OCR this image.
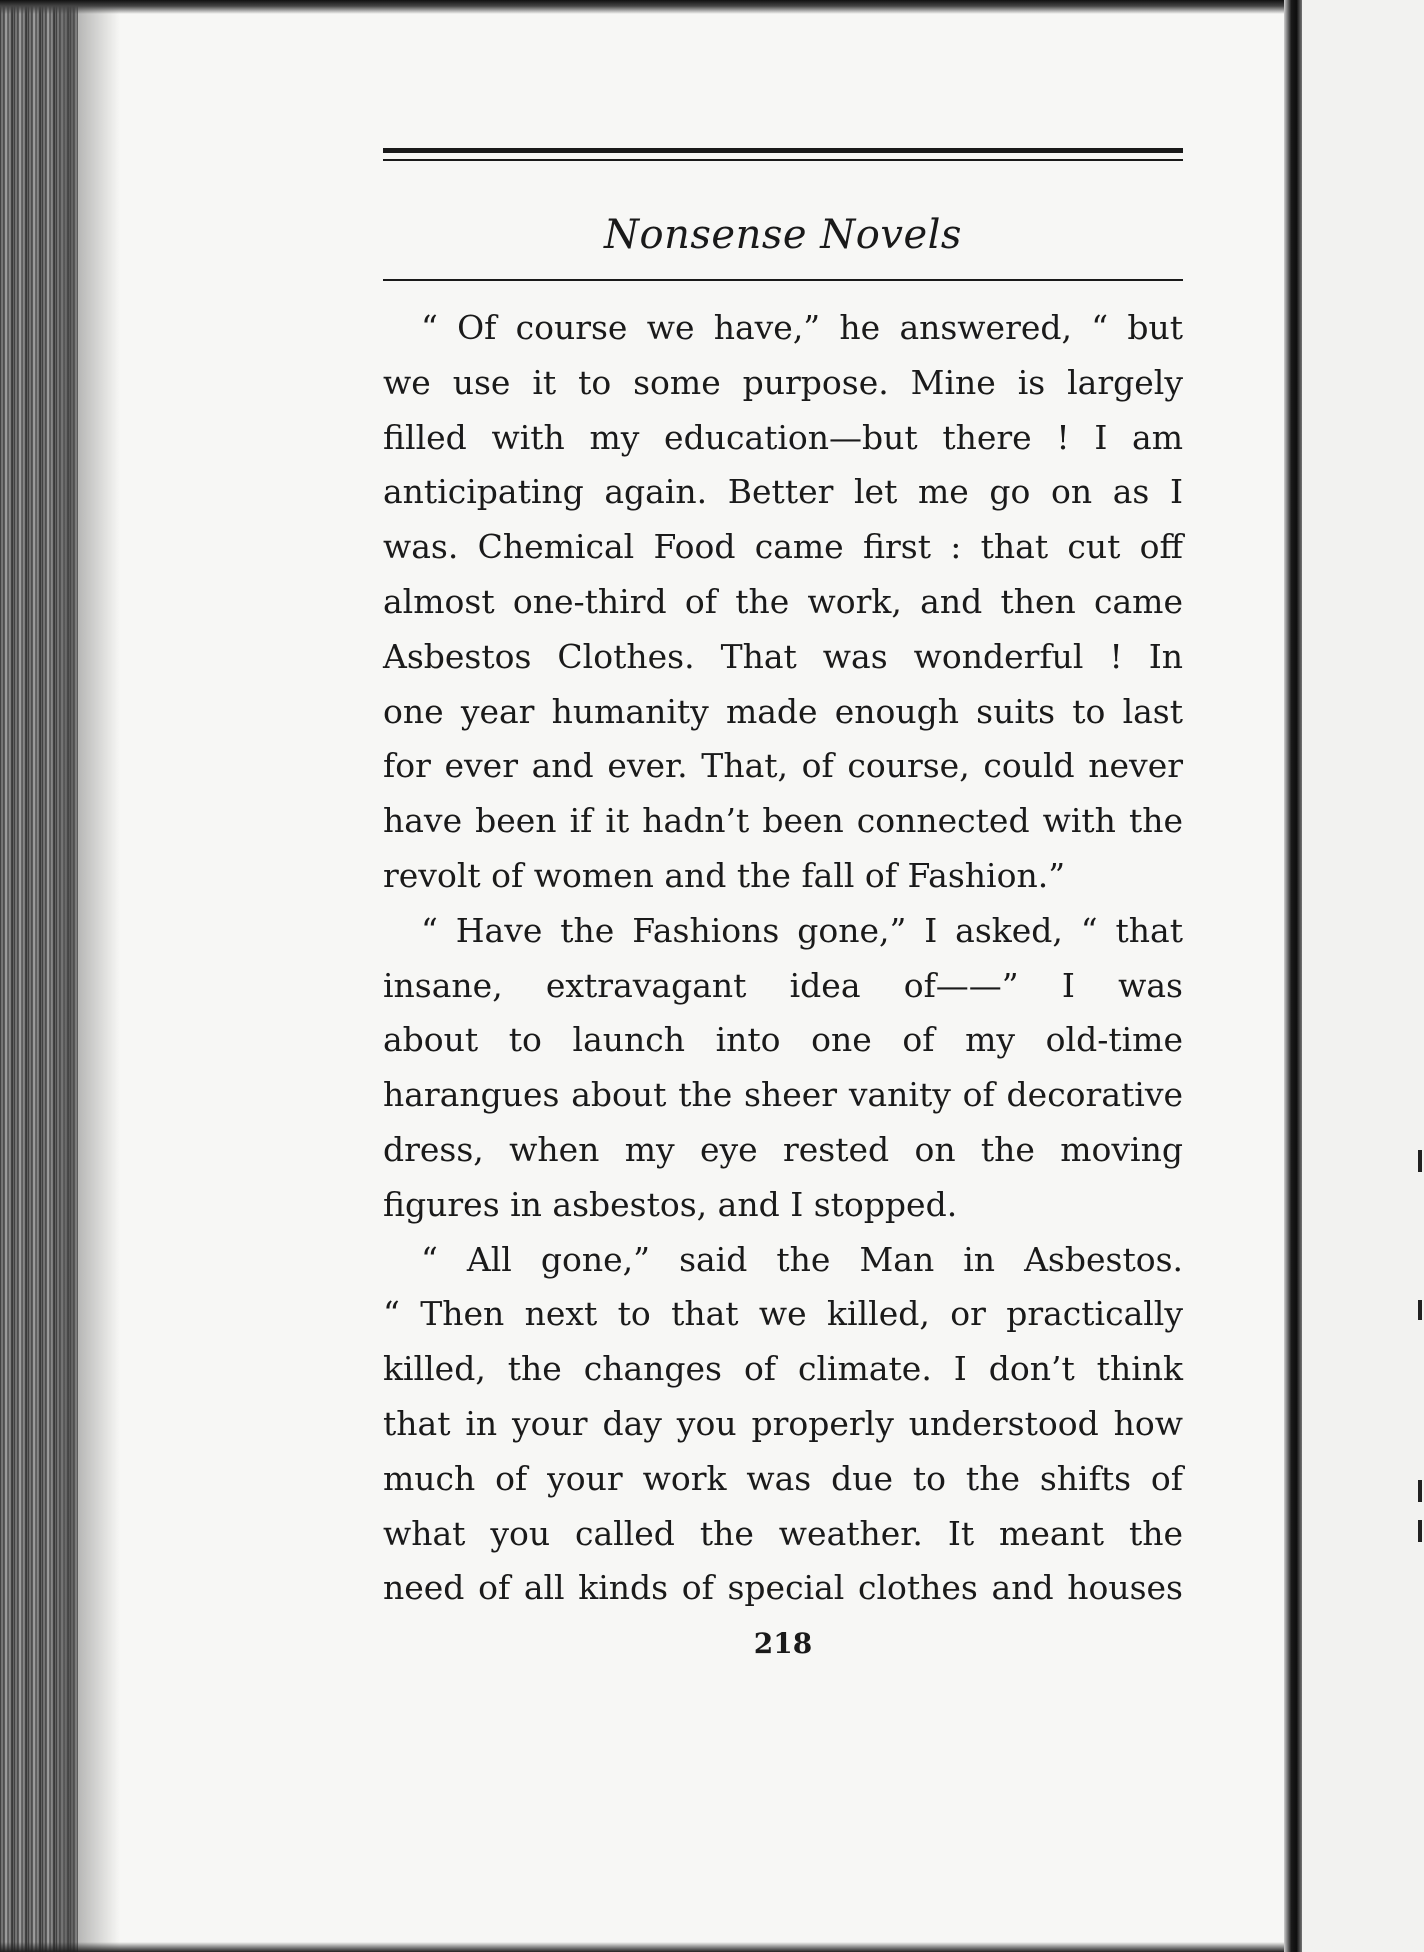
Nonsense Novels
“ Of course we have,” he answered, “ but
we use it to some purpose. Mine is largely
filled with my education—but there ! I am
anticipating again. Better let me go on as I
was. Chemical Food came first : that cut off
almost one-third of the work, and then came
Asbestos Clothes. That was wonderful ! In
one year humanity made enough suits to last
for ever and ever. That, of course, could never
have been if it hadn’t been connected with the
revolt of women and the fall of Fashion.”
“ Have the Fashions gone,” I asked, “ that
insane, extravagant idea of——” I was
about to launch into one of my old-time
harangues about the sheer vanity of decorative
dress, when my eye rested on the moving
figures in asbestos, and I stopped.
“ All gone,” said the Man in Asbestos.
“ Then next to that we killed, or practically
killed, the changes of climate. I don’t think
that in your day you properly understood how
much of your work was due to the shifts of
what you called the weather. It meant the
need of all kinds of special clothes and houses
218
